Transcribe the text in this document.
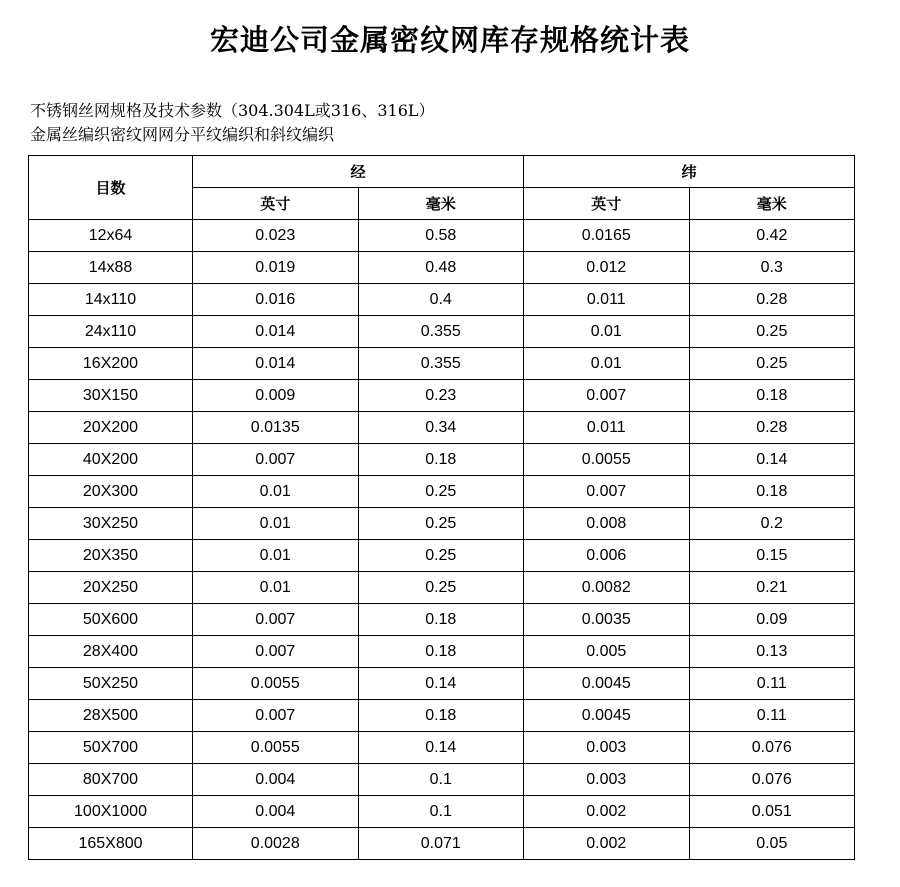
宏迪公司金属密纹网库存规格统计表
不锈钢丝网规格及技术参数（304.304L或316、316L）
金属丝编织密纹网网分平纹编织和斜纹编织
目数	经		纬	
	英寸	毫米	英寸	毫米
12x64	0.023	0.58	0.0165	0.42
14x88	0.019	0.48	0.012	0.3
14x110	0.016	0.4	0.011	0.28
24x110	0.014	0.355	0.01	0.25
16X200	0.014	0.355	0.01	0.25
30X150	0.009	0.23	0.007	0.18
20X200	0.0135	0.34	0.011	0.28
40X200	0.007	0.18	0.0055	0.14
20X300	0.01	0.25	0.007	0.18
30X250	0.01	0.25	0.008	0.2
20X350	0.01	0.25	0.006	0.15
20X250	0.01	0.25	0.0082	0.21
50X600	0.007	0.18	0.0035	0.09
28X400	0.007	0.18	0.005	0.13
50X250	0.0055	0.14	0.0045	0.11
28X500	0.007	0.18	0.0045	0.11
50X700	0.0055	0.14	0.003	0.076
80X700	0.004	0.1	0.003	0.076
100X1000	0.004	0.1	0.002	0.051
165X800	0.0028	0.071	0.002	0.05
